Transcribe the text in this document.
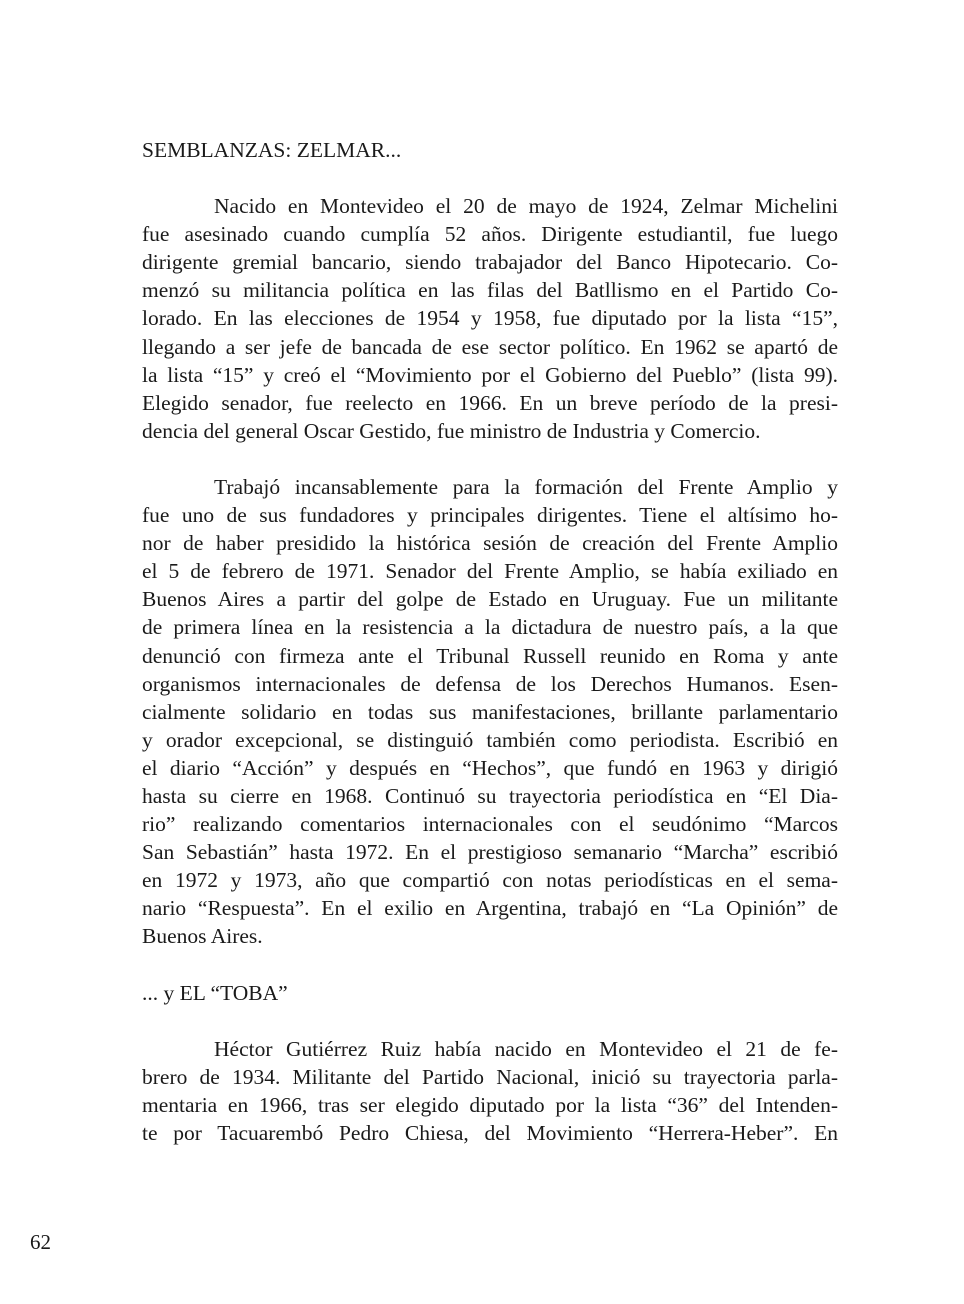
SEMBLANZAS: ZELMAR...
Nacido en Montevideo el 20 de mayo de 1924, Zelmar Michelini
fue asesinado cuando cumplía 52 años. Dirigente estudiantil, fue luego
dirigente gremial bancario, siendo trabajador del Banco Hipotecario. Co-
menzó su militancia política en las filas del Batllismo en el Partido Co-
lorado. En las elecciones de 1954 y 1958, fue diputado por la lista “15”,
llegando a ser jefe de bancada de ese sector político. En 1962 se apartó de
la lista “15” y creó el “Movimiento por el Gobierno del Pueblo” (lista 99).
Elegido senador, fue reelecto en 1966. En un breve período de la presi-
dencia del general Oscar Gestido, fue ministro de Industria y Comercio.
Trabajó incansablemente para la formación del Frente Amplio y
fue uno de sus fundadores y principales dirigentes. Tiene el altísimo ho-
nor de haber presidido la histórica sesión de creación del Frente Amplio
el 5 de febrero de 1971. Senador del Frente Amplio, se había exiliado en
Buenos Aires a partir del golpe de Estado en Uruguay. Fue un militante
de primera línea en la resistencia a la dictadura de nuestro país, a la que
denunció con firmeza ante el Tribunal Russell reunido en Roma y ante
organismos internacionales de defensa de los Derechos Humanos. Esen-
cialmente solidario en todas sus manifestaciones, brillante parlamentario
y orador excepcional, se distinguió también como periodista. Escribió en
el diario “Acción” y después en “Hechos”, que fundó en 1963 y dirigió
hasta su cierre en 1968. Continuó su trayectoria periodística en “El Dia-
rio” realizando comentarios internacionales con el seudónimo “Marcos
San Sebastián” hasta 1972. En el prestigioso semanario “Marcha” escribió
en 1972 y 1973, año que compartió con notas periodísticas en el sema-
nario “Respuesta”. En el exilio en Argentina, trabajó en “La Opinión” de
Buenos Aires.
... y EL “TOBA”
Héctor Gutiérrez Ruiz había nacido en Montevideo el 21 de fe-
brero de 1934. Militante del Partido Nacional, inició su trayectoria parla-
mentaria en 1966, tras ser elegido diputado por la lista “36” del Intenden-
te por Tacuarembó Pedro Chiesa, del Movimiento “Herrera-Heber”. En
62
